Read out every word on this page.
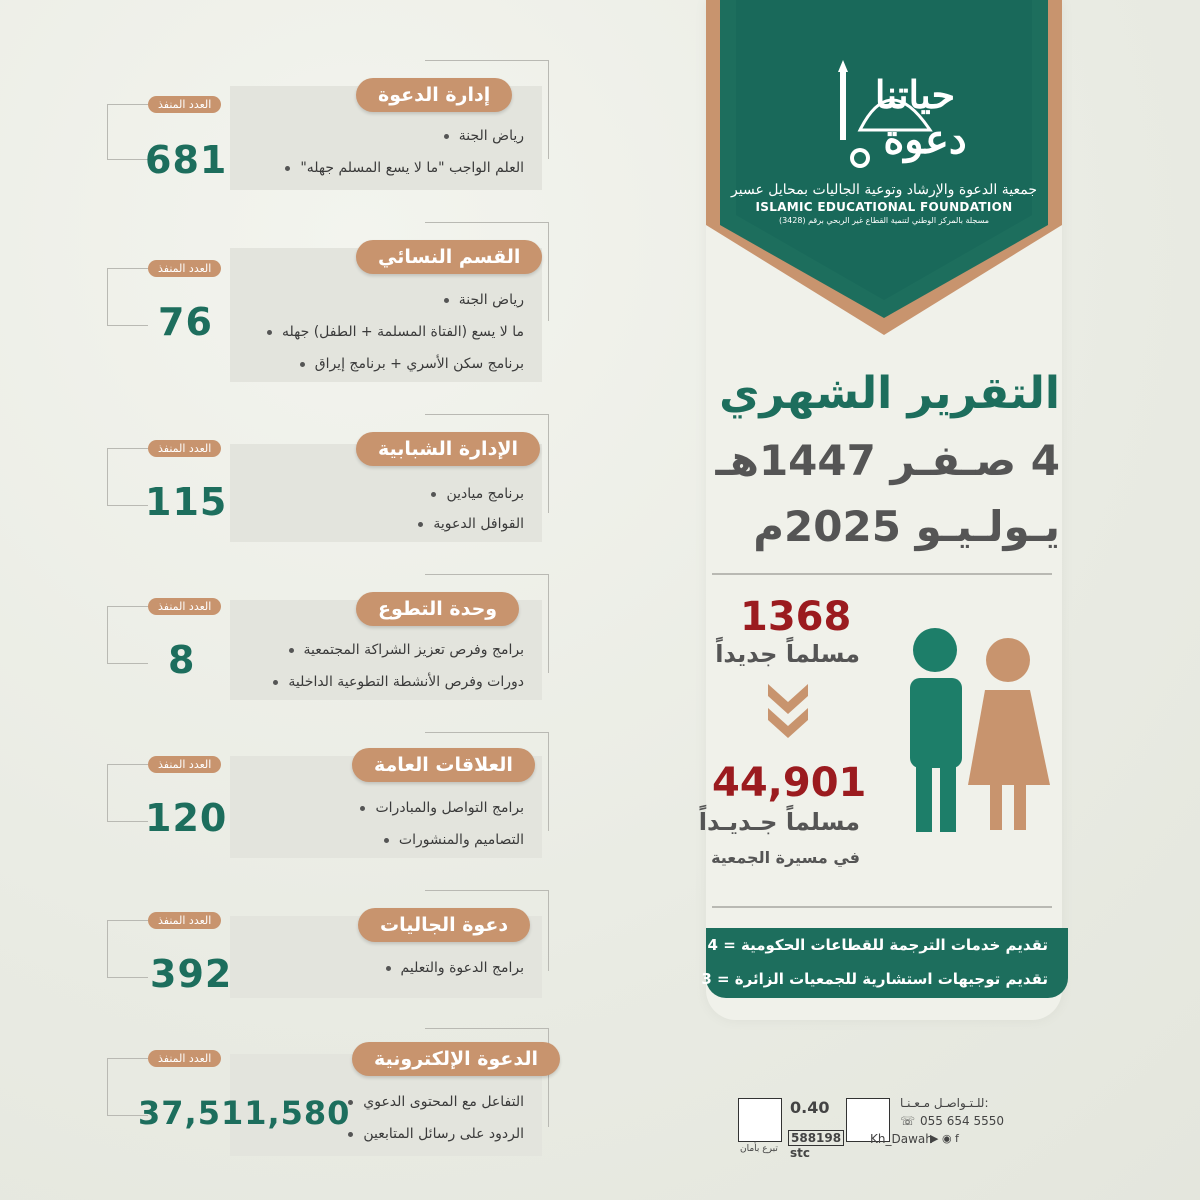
حياتنا
دعوة
جمعية الدعوة والإرشاد وتوعية الجاليات بمحايل عسير
ISLAMIC EDUCATIONAL FOUNDATION
مسجلة بالمركز الوطني لتنمية القطاع غير الربحي برقم (3428)
التقرير الشهري
4 صـفـر 1447هـ
يـولـيـو 2025م
1368
مسلماً جديداً
44,901
مسلماً جـديـداً
في مسيرة الجمعية
تقديم خدمات الترجمة للقطاعات الحكومية = 4
تقديم توجيهات استشارية للجمعيات الزائرة = 3
إدارة الدعوة
العدد المنفذ
681
رياض الجنة
العلم الواجب "ما لا يسع المسلم جهله"
القسم النسائي
العدد المنفذ
76	رياض الجنة
ما لا يسع (الفتاة المسلمة + الطفل) جهله
برنامج سكن الأسري + برنامج إيراق
الإدارة الشبابية
العدد المنفذ
115	برنامج ميادين
القوافل الدعوية
وحدة التطوع
العدد المنفذ
8	برامج وفرص تعزيز الشراكة المجتمعية
دورات وفرص الأنشطة التطوعية الداخلية
العلاقات العامة
العدد المنفذ
120	برامج التواصل والمبادرات
التصاميم والمنشورات
دعوة الجاليات
العدد المنفذ
392	برامج الدعوة والتعليم
الدعوة الإلكترونية
العدد المنفذ
37,511,580 التفاعل مع المحتوى الدعوي
الردود على رسائل المتابعين
للـتـواصـل مـعـنـا:
055 654 5550
☏
Kh_Dawah
▶ ◉ f
0.40
588198
stc
تبرع بأمان
